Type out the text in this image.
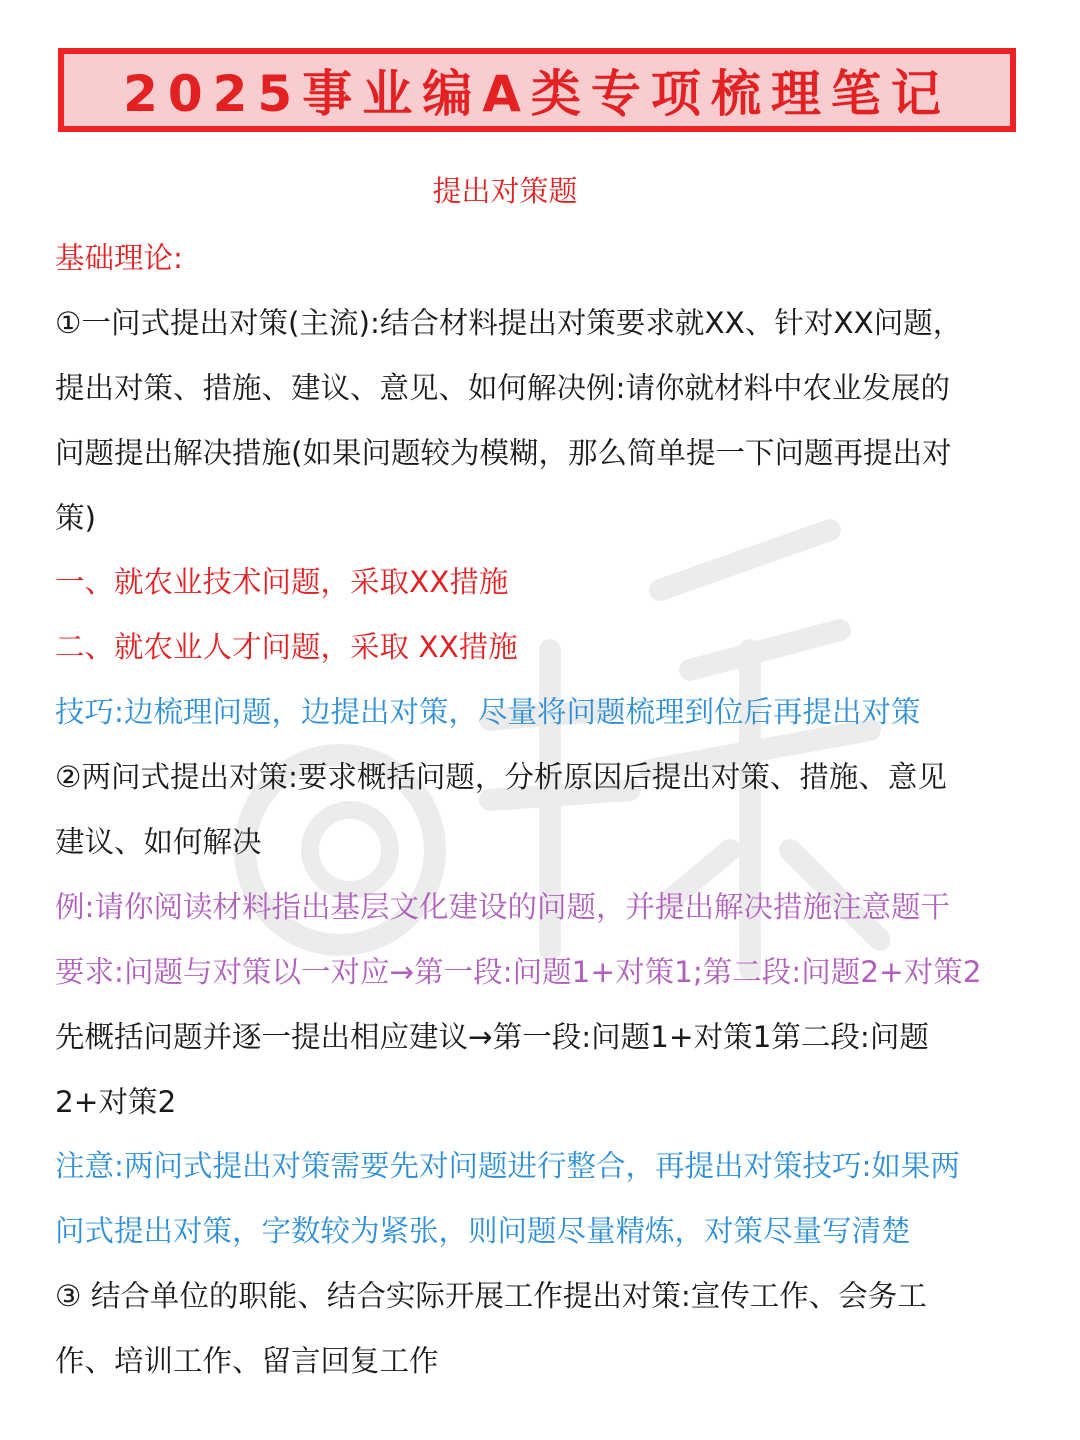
2025事业编A类专项梳理笔记
提出对策题
基础理论:
①一问式提出对策(主流):结合材料提出对策要求就XX、针对XX问题，
提出对策、措施、建议、意见、如何解决例:请你就材料中农业发展的
问题提出解决措施(如果问题较为模糊，那么简单提一下问题再提出对
策)
一、就农业技术问题，采取XX措施
二、就农业人才问题，采取 XX措施
技巧:边梳理问题，边提出对策，尽量将问题梳理到位后再提出对策
②两问式提出对策:要求概括问题，分析原因后提出对策、措施、意见
建议、如何解决
例:请你阅读材料指出基层文化建设的问题，并提出解决措施注意题干
要求:问题与对策以一对应→第一段:问题1+对策1;第二段:问题2+对策2
先概括问题并逐一提出相应建议→第一段:问题1+对策1第二段:问题
2+对策2
注意:两问式提出对策需要先对问题进行整合，再提出对策技巧:如果两
问式提出对策，字数较为紧张，则问题尽量精炼，对策尽量写清楚
③ 结合单位的职能、结合实际开展工作提出对策:宣传工作、会务工
作、培训工作、留言回复工作
